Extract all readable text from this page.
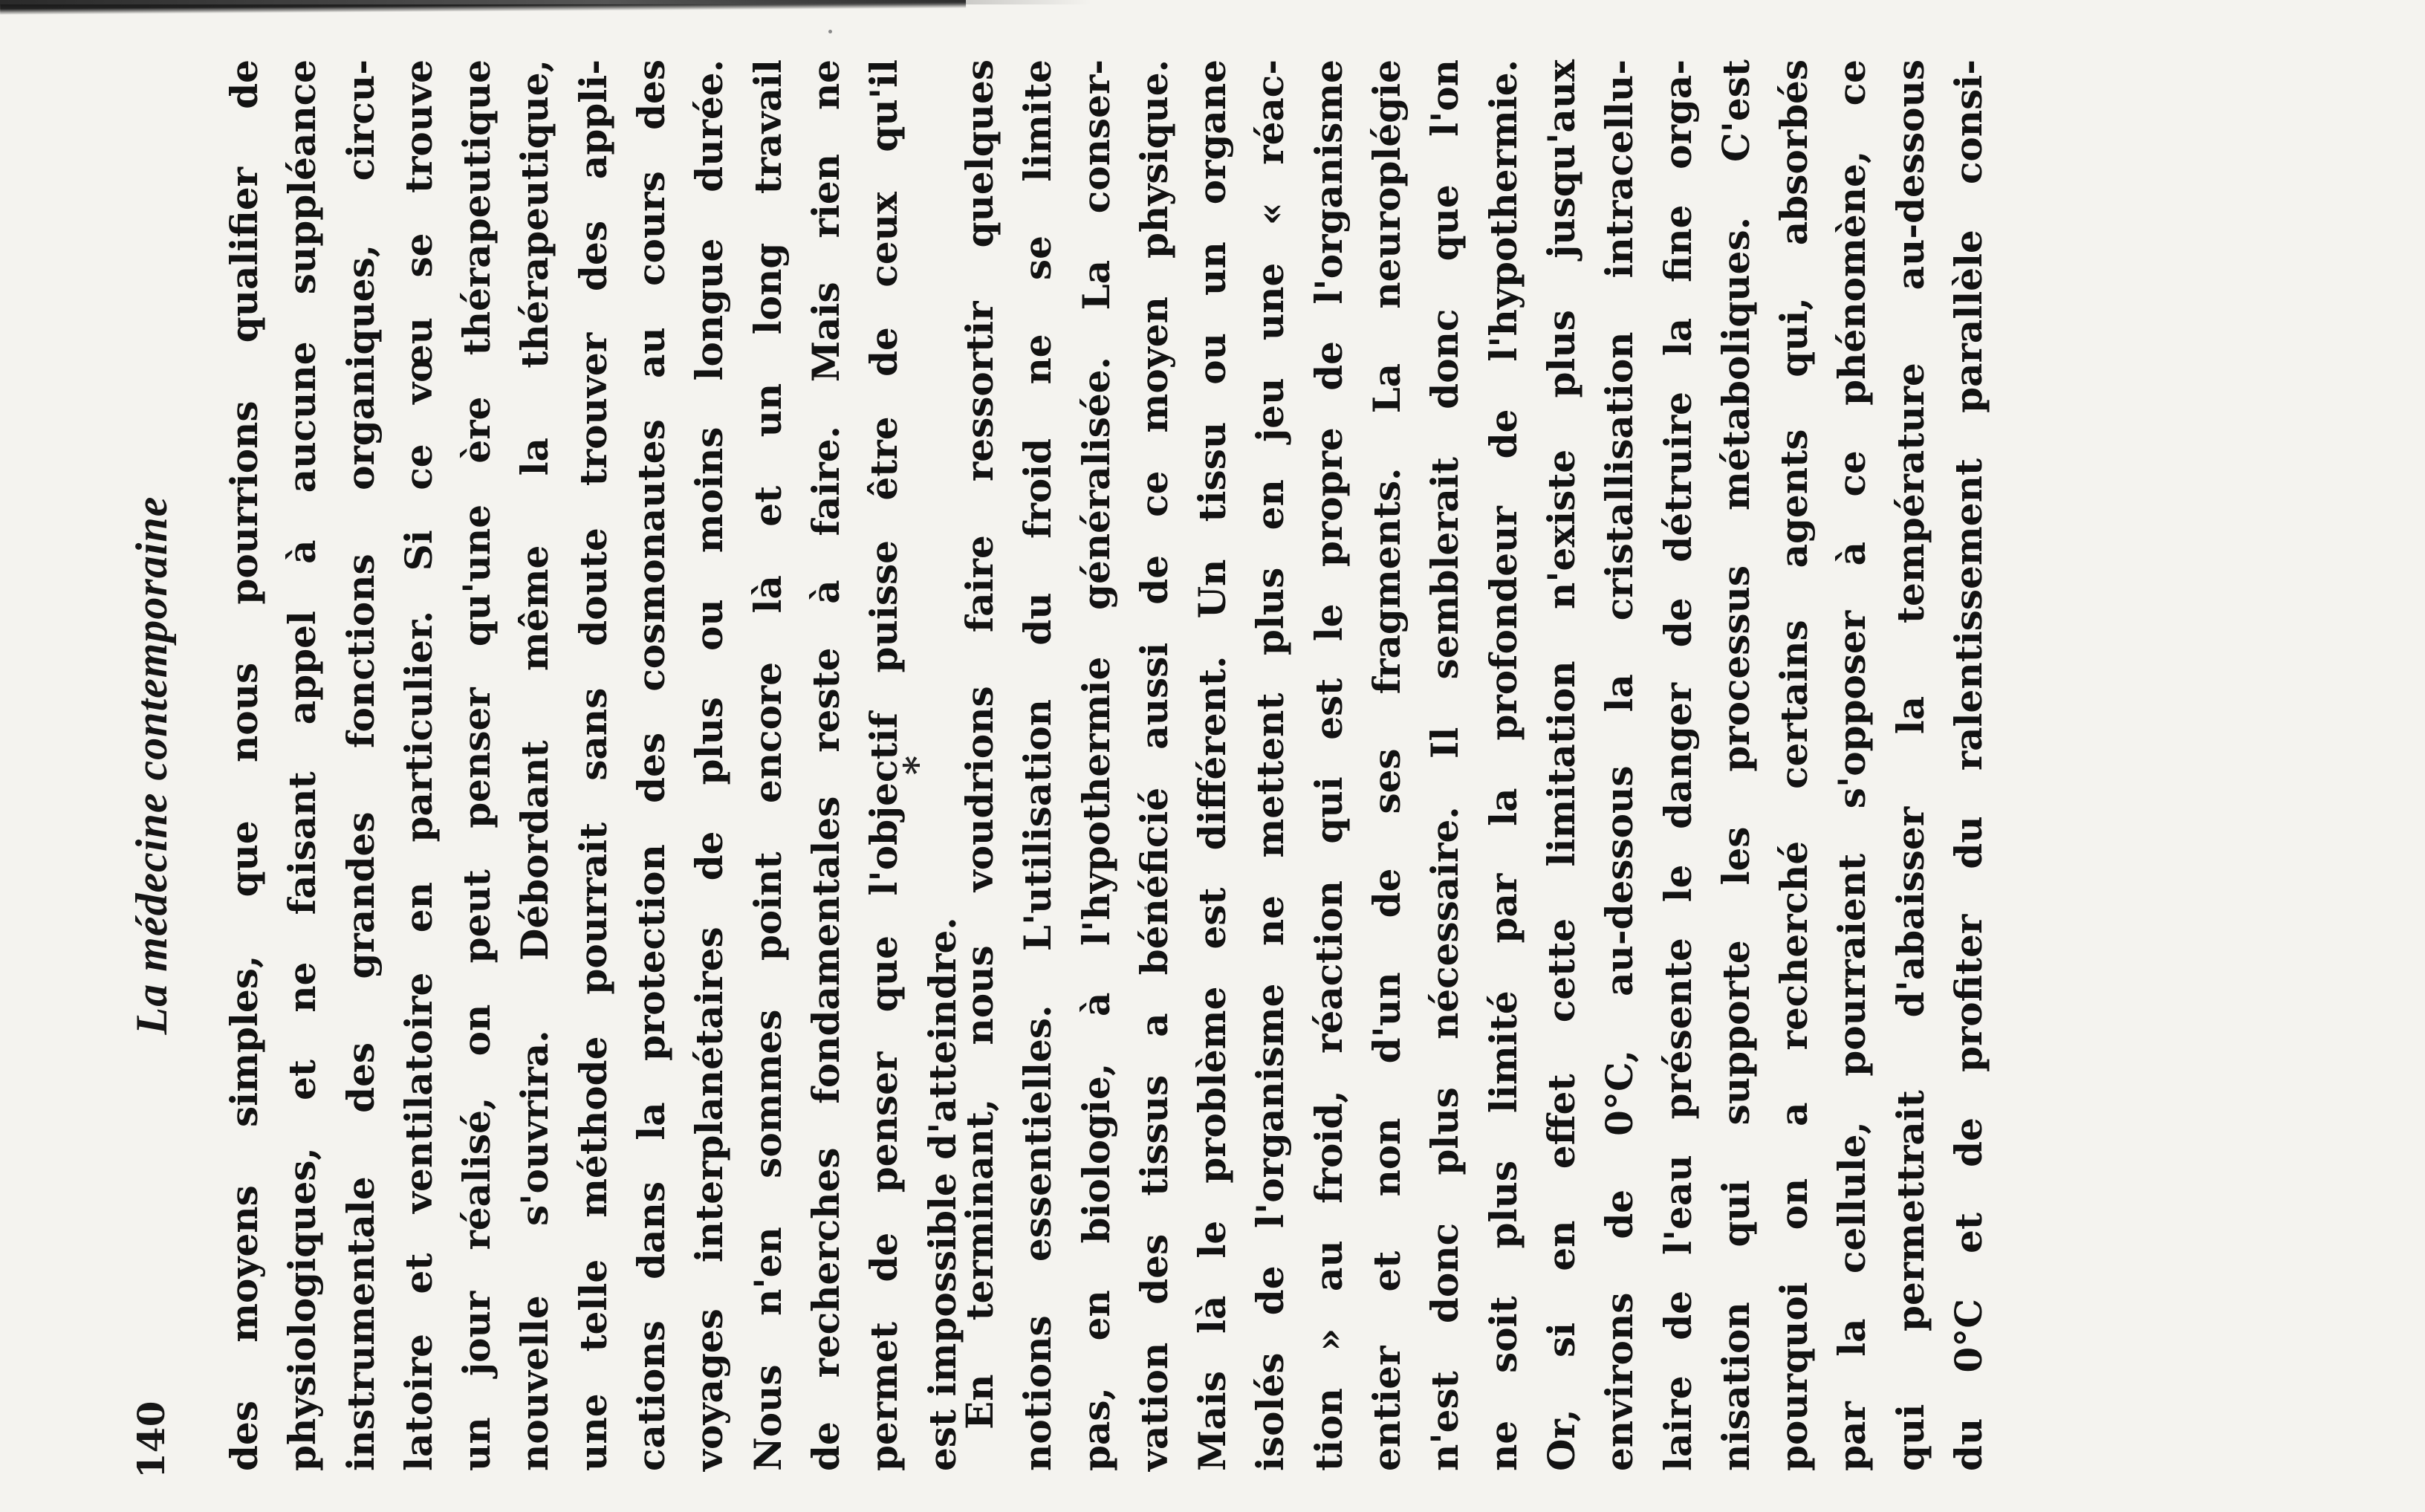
140
La médecine contemporaine des moyens simples, que nous pourrions qualifier de physiologiques, et ne faisant appel à aucune suppléance instrumentale des grandes fonctions organiques, circu- latoire et ventilatoire en particulier. Si ce vœu se trouve un jour réalisé, on peut penser qu'une ère thérapeutique nouvelle s'ouvrira. Débordant même la thérapeutique, une telle méthode pourrait sans doute trouver des appli- cations dans la protection des cosmonautes au cours des voyages interplanétaires de plus ou moins longue durée. Nous n'en sommes point encore là et un long travail de recherches fondamentales reste à faire. Mais rien ne permet de penser que l'objectif puisse être de ceux qu'il est impossible d'atteindre.
* En terminant, nous voudrions faire ressortir quelques notions essentielles. L'utilisation du froid ne se limite pas, en biologie, à l'hypothermie généralisée. La conser- vation des tissus a bénéficié aussi de ce moyen physique. Mais là le problème est différent. Un tissu ou un organe isolés de l'organisme ne mettent plus en jeu une « réac- tion » au froid, réaction qui est le propre de l'organisme entier et non d'un de ses fragments. La neuroplégie n'est donc plus nécessaire. Il semblerait donc que l'on ne soit plus limité par la profondeur de l'hypothermie. Or, si en effet cette limitation n'existe plus jusqu'aux environs de 0°C, au-dessous la cristallisation intracellu- laire de l'eau présente le danger de détruire la fine orga- nisation qui supporte les processus métaboliques. C'est pourquoi on a recherché certains agents qui, absorbés par la cellule, pourraient s'opposer à ce phénomène, ce qui permettrait d'abaisser la température au-dessous du 0°C et de profiter du ralentissement parallèle consi-
